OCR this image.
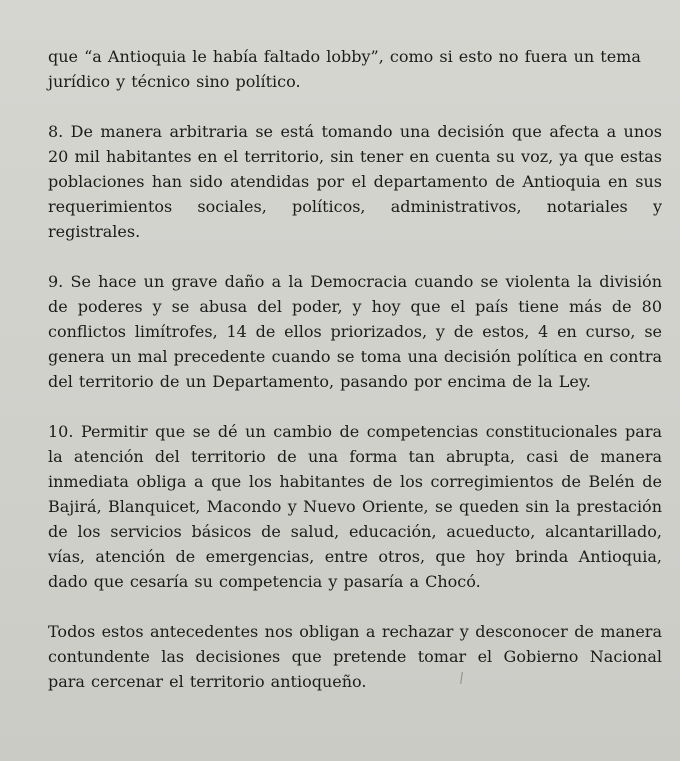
que “a Antioquia le había faltado lobby”, como si esto no fuera un tema jurídico y técnico sino político.

8. De manera arbitraria se está tomando una decisión que afecta a unos 20 mil habitantes en el territorio, sin tener en cuenta su voz, ya que estas poblaciones han sido atendidas por el departamento de Antioquia en sus requerimientos sociales, políticos, administrativos, notariales y registrales.

9. Se hace un grave daño a la Democracia cuando se violenta la división de poderes y se abusa del poder, y hoy que el país tiene más de 80 conflictos limítrofes, 14 de ellos priorizados, y de estos, 4 en curso, se genera un mal precedente cuando se toma una decisión política en contra del territorio de un Departamento, pasando por encima de la Ley.

10. Permitir que se dé un cambio de competencias constitucionales para la atención del territorio de una forma tan abrupta, casi de manera inmediata obliga a que los habitantes de los corregimientos de Belén de Bajirá, Blanquicet, Macondo y Nuevo Oriente, se queden sin la prestación de los servicios básicos de salud, educación, acueducto, alcantarillado, vías, atención de emergencias, entre otros, que hoy brinda Antioquia, dado que cesaría su competencia y pasaría a Chocó.

Todos estos antecedentes nos obligan a rechazar y desconocer de manera contundente las decisiones que pretende tomar el Gobierno Nacional para cercenar el territorio antioqueño.
